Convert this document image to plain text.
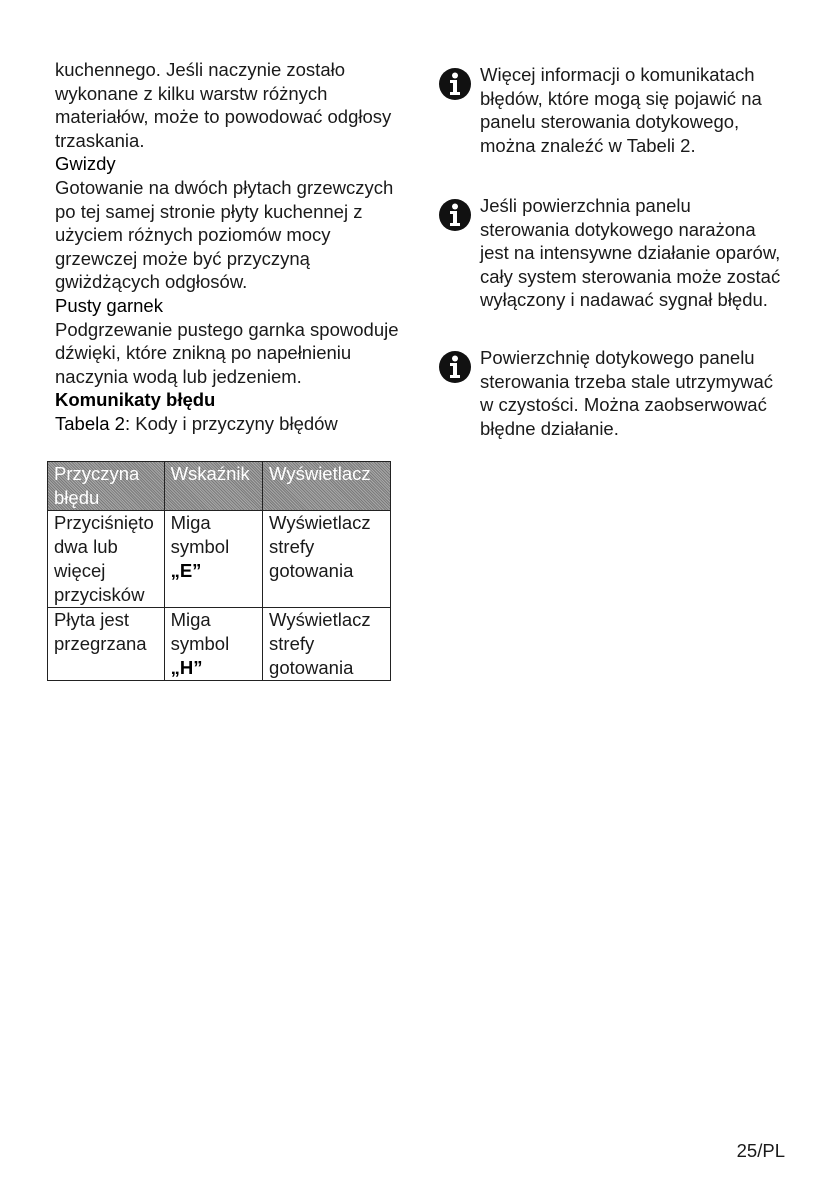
kuchennego. Jeśli naczynie zostało wykonane z kilku warstw różnych materiałów, może to powodować odgłosy trzaskania.

Gwizdy

Gotowanie na dwóch płytach grzewczych po tej samej stronie płyty kuchennej z użyciem różnych poziomów mocy grzewczej może być przyczyną gwiżdżących odgłosów.

Pusty garnek

Podgrzewanie pustego garnka spowoduje dźwięki, które znikną po napełnieniu naczynia wodą lub jedzeniem.

Komunikaty błędu

Tabela 2: Kody i przyczyny błędów

Przyczyna błędu	Wskaźnik	Wyświetlacz
Przyciśnięto dwa lub więcej przycisków	Miga symbol „E”	Wyświetlacz strefy gotowania
Płyta jest przegrzana	Miga symbol „H”	Wyświetlacz strefy gotowania
Więcej informacji o komunikatach błędów, które mogą się pojawić na panelu sterowania dotykowego, można znaleźć w Tabeli 2.
Jeśli powierzchnia panelu sterowania dotykowego narażona jest na intensywne działanie oparów, cały system sterowania może zostać wyłączony i nadawać sygnał błędu.
Powierzchnię dotykowego panelu sterowania trzeba stale utrzymywać w czystości. Można zaobserwować błędne działanie.
25/PL
